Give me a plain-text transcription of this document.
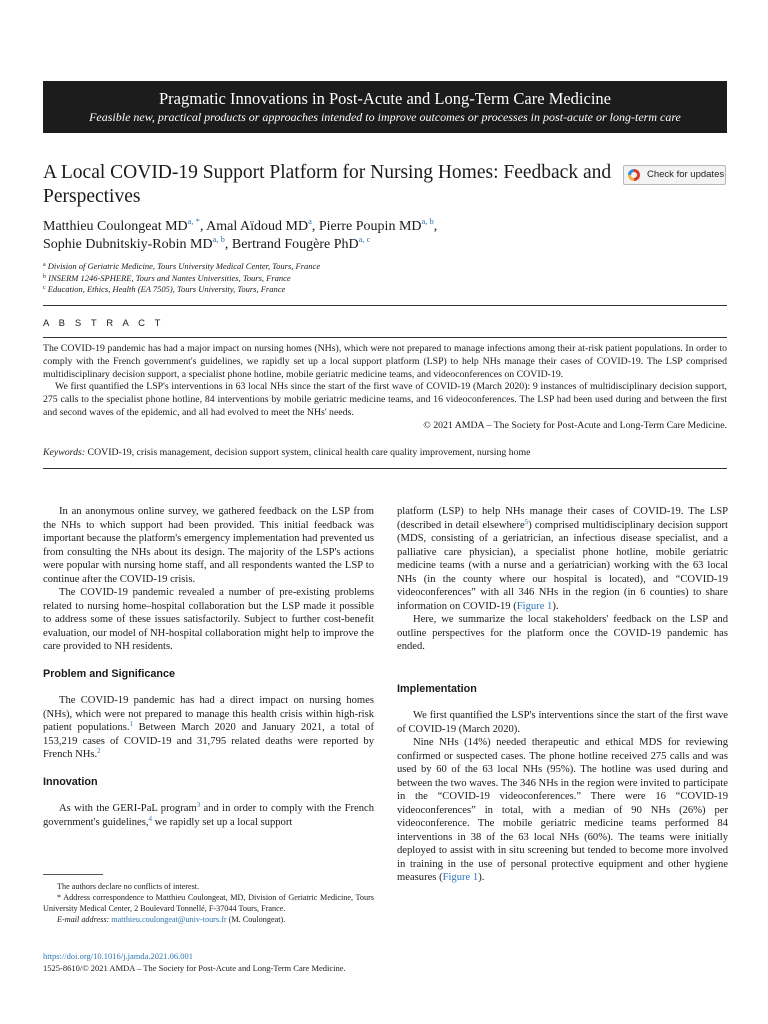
Pragmatic Innovations in Post-Acute and Long-Term Care Medicine
Feasible new, practical products or approaches intended to improve outcomes or processes in post-acute or long-term care
A Local COVID-19 Support Platform for Nursing Homes: Feedback and Perspectives
Check for updates
Matthieu Coulongeat $MD^{a, *}$, Amal Aïdoud $MD^a$, Pierre Poupin MD$^{a, b}$,
Sophie Dubnitskiy-Robin MD$^{a, b}$, Bertrand Fougère PhD$^{a, c}$
$^a$ Division of Geriatric Medicine, Tours University Medical Center, Tours, France
$^b$ INSERM 1246-SPHERE, Tours and Nantes Universities, Tours, France
$^c$ Education, Ethics, Health (EA 7505), Tours University, Tours, France
A B S T R A C T

The COVID-19 pandemic has had a major impact on nursing homes (NHs), which were not prepared to manage infections among their at-risk patient populations. In order to comply with the French government's guidelines, we rapidly set up a local support platform (LSP) to help NHs manage their cases of COVID-19. The LSP comprised multidisciplinary decision support, a specialist phone hotline, mobile geriatric medicine teams, and videoconferences on COVID-19.

We first quantified the LSP's interventions in 63 local NHs since the start of the first wave of COVID-19 (March 2020): 9 instances of multidisciplinary decision support, 275 calls to the specialist phone hotline, 84 interventions by mobile geriatric medicine teams, and 16 videoconferences. The LSP had been used during and between the first and second waves of the epidemic, and all had evolved to meet the NHs' needs.

© 2021 AMDA – The Society for Post-Acute and Long-Term Care Medicine.

Keywords: COVID-19, crisis management, decision support system, clinical health care quality improvement, nursing home

In an anonymous online survey, we gathered feedback on the LSP from the NHs to which support had been provided. This initial feedback was important because the platform's emergency implementation had prevented us from consulting the NHs about its design. The majority of the LSP's actions were popular with nursing home staff, and all respondents wanted the LSP to continue after the COVID-19 crisis.

The COVID-19 pandemic revealed a number of pre-existing problems related to nursing home–hospital collaboration but the LSP made it possible to address some of these issues satisfactorily. Subject to further cost-benefit evaluation, our model of NH-hospital collaboration might help to improve the care provided to NH residents.

Problem and Significance

The COVID-19 pandemic has had a direct impact on nursing homes (NHs), which were not prepared to manage this health crisis within high-risk patient populations.$^1$ Between March 2020 and January 2021, a total of 153,219 cases of COVID-19 and 31,795 related deaths were reported by French NHs.$^2$

Innovation

As with the GERI-PaL program$^3$ and in order to comply with the French government's guidelines,$^4$ we rapidly set up a local support

platform (LSP) to help NHs manage their cases of COVID-19. The LSP (described in detail elsewhere$^5$) comprised multidisciplinary decision support (MDS, consisting of a geriatrician, an infectious disease specialist, and a palliative care physician), a specialist phone hotline, mobile geriatric medicine teams (with a nurse and a geriatrician) working with the 63 local NHs (in the county where our hospital is located), and “COVID-19 videoconferences” with all 346 NHs in the region (in 6 counties) to share information on COVID-19 (Figure 1).

Here, we summarize the local stakeholders' feedback on the LSP and outline perspectives for the platform once the COVID-19 pandemic has ended.

Implementation

We first quantified the LSP's interventions since the start of the first wave of COVID-19 (March 2020).

Nine NHs (14%) needed therapeutic and ethical MDS for reviewing confirmed or suspected cases. The phone hotline received 275 calls and was used by 60 of the 63 local NHs (95%). The hotline was used during and between the two waves. The 346 NHs in the region were invited to participate in the “COVID-19 videoconferences.” There were 16 “COVID-19 videoconferences” in total, with a median of 90 NHs (26%) per videoconference. The mobile geriatric medicine teams performed 84 interventions in 38 of the 63 local NHs (60%). The teams were initially deployed to assist with in situ screening but tended to become more involved in training in the use of personal protective equipment and other hygiene measures (Figure 1).

The authors declare no conflicts of interest.

* Address correspondence to Matthieu Coulongeat, MD, Division of Geriatric Medicine, Tours University Medical Center, 2 Boulevard Tonnellé, F-37044 Tours, France.

E-mail address: matthieu.coulongeat@univ-tours.fr (M. Coulongeat).

https://doi.org/10.1016/j.jamda.2021.06.001
1525-8610/© 2021 AMDA – The Society for Post-Acute and Long-Term Care Medicine.
